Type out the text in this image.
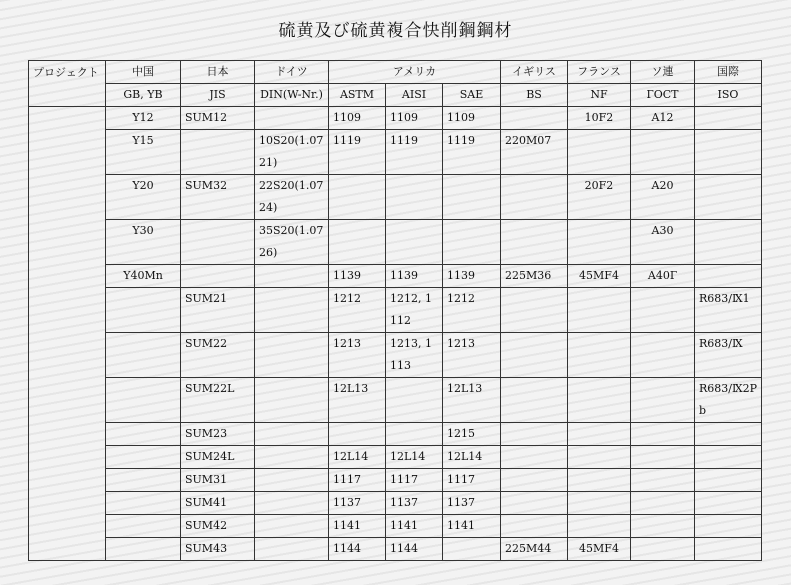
硫黄及び硫黄複合快削鋼鋼材
プロジェクト	中国	日本	ドイツ	アメリカ			イギリス	フランス	ソ連	国際
	GB, YB	JIS	DIN(W-Nr.)	ASTM	AISI	SAE	BS	NF	ГОСТ	ISO
	Y12	SUM12		1109	1109	1109		10F2	A12	
	Y15		10S20(1.0721)	1119	1119	1119	220M07			
	Y20	SUM32	22S20(1.0724)					20F2	A20	
	Y30		35S20(1.0726)						A30	
	Y40Mn			1139	1139	1139	225M36	45MF4	A40Г	
		SUM21		1212	1212, 1112	1212				R683/Ⅸ1
		SUM22		1213	1213, 1113	1213				R683/Ⅸ
		SUM22L		12L13		12L13				R683/Ⅸ2Pb
		SUM23				1215				
		SUM24L		12L14	12L14	12L14				
		SUM31		1117	1117	1117				
		SUM41		1137	1137	1137				
		SUM42		1141	1141	1141				
		SUM43		1144	1144		225M44	45MF4		
